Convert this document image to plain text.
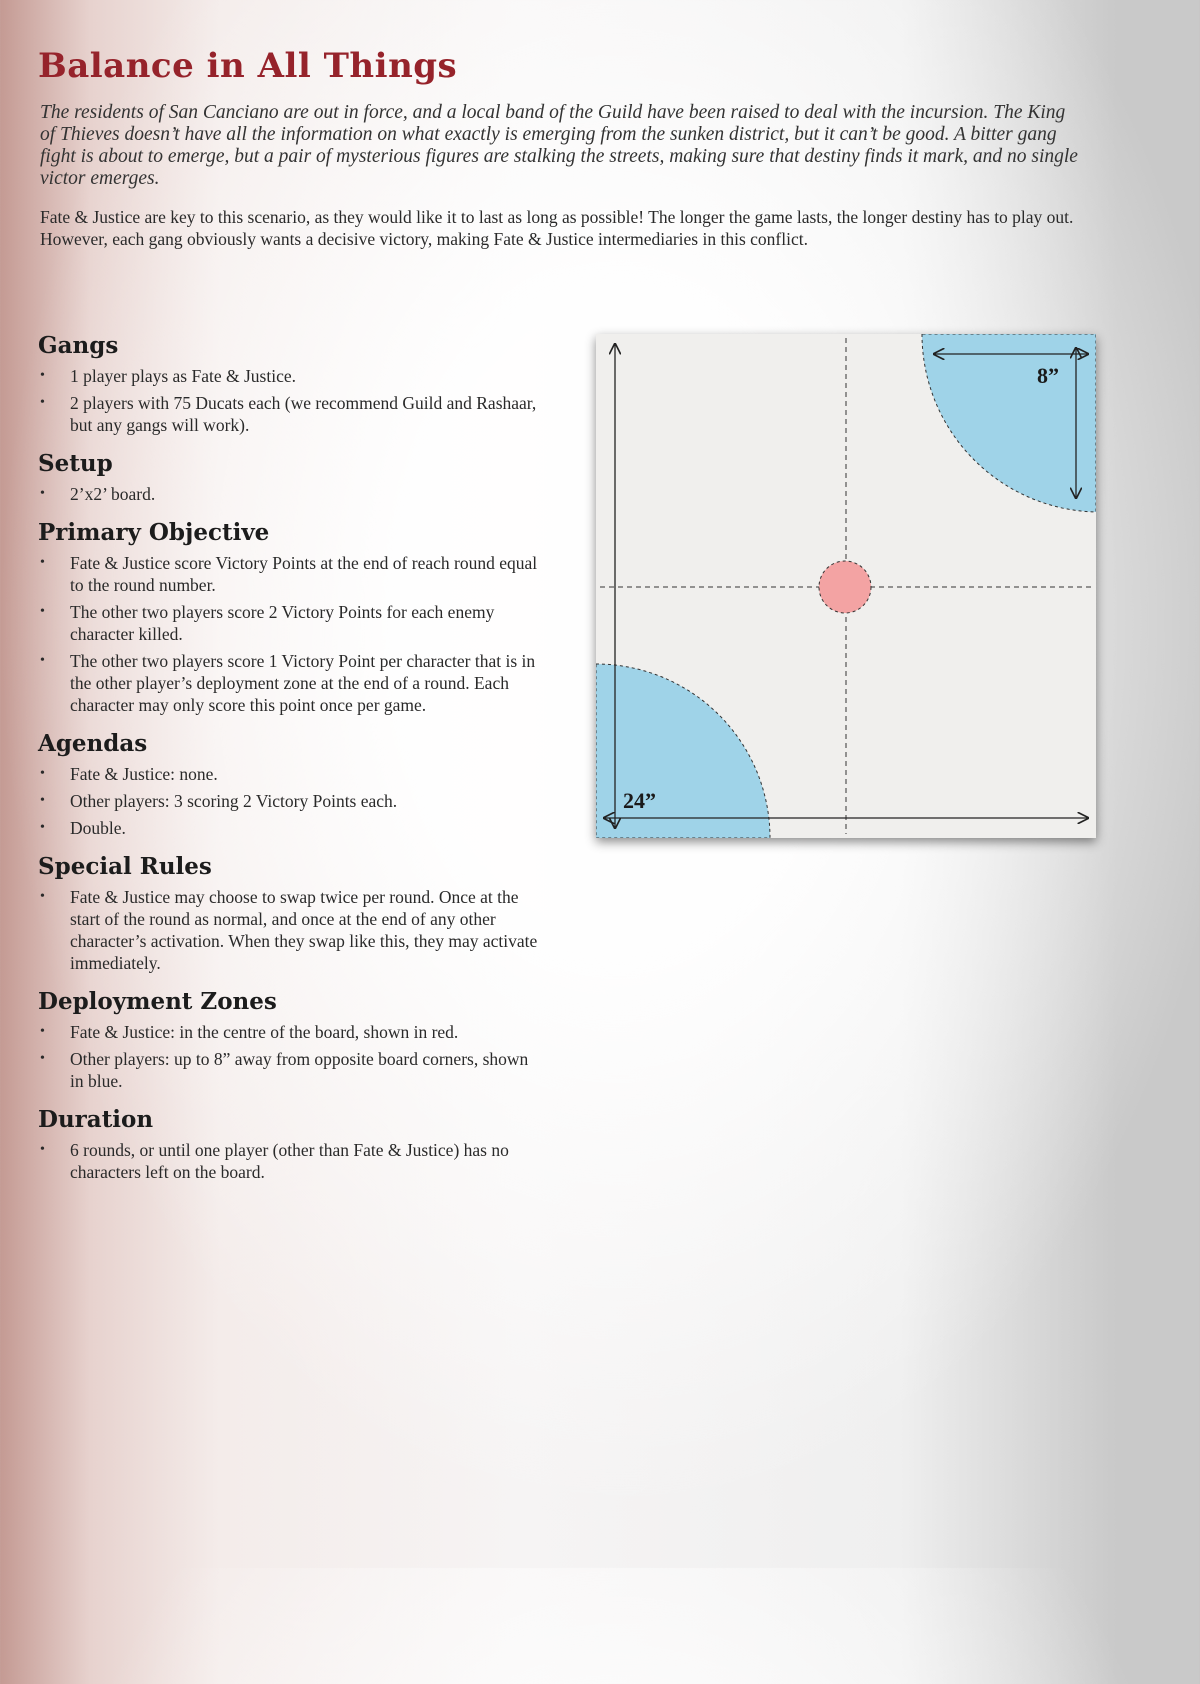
Balance in All Things

The residents of San Canciano are out in force, and a local band of the Guild have been raised to deal with the incursion. The King of Thieves doesn’t have all the information on what exactly is emerging from the sunken district, but it can’t be good. A bitter gang fight is about to emerge, but a pair of mysterious figures are stalking the streets, making sure that destiny finds it mark, and no single victor emerges.

Fate & Justice are key to this scenario, as they would like it to last as long as possible! The longer the game lasts, the longer destiny has to play out. However, each gang obviously wants a decisive victory, making Fate & Justice intermediaries in this conflict.

Gangs
• 1 player plays as Fate & Justice.
• 2 players with 75 Ducats each (we recommend Guild and Rashaar, but any gangs will work).
Setup
• 2’x2’ board.
Primary Objective
• Fate & Justice score Victory Points at the end of reach round equal to the round number.
• The other two players score 2 Victory Points for each enemy character killed.
• The other two players score 1 Victory Point per character that is in the other player’s deployment zone at the end of a round. Each character may only score this point once per game.
Agendas
• Fate & Justice: none.
• Other players: 3 scoring 2 Victory Points each.
• Double.
Special Rules
• Fate & Justice may choose to swap twice per round. Once at the start of the round as normal, and once at the end of any other character’s activation. When they swap like this, they may activate immediately.
Deployment Zones
• Fate & Justice: in the centre of the board, shown in red.
• Other players: up to 8” away from opposite board corners, shown in blue.
Duration
• 6 rounds, or until one player (other than Fate & Justice) has no characters left on the board.
8”
24”
